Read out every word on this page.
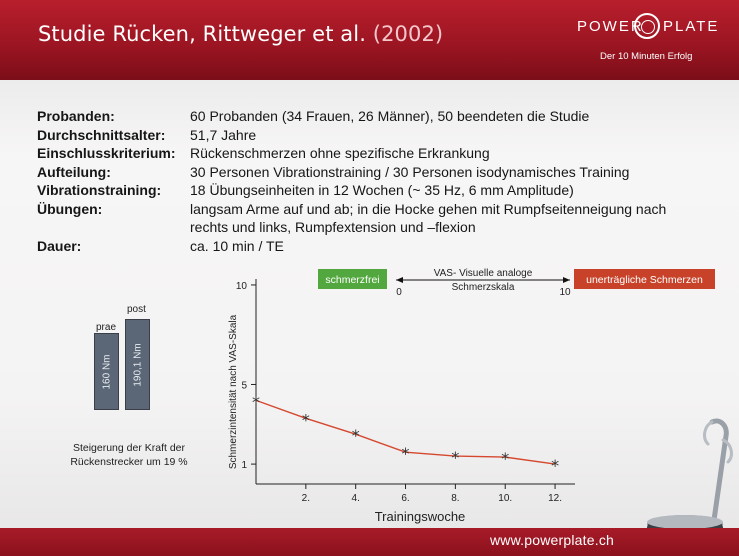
Studie Rücken, Rittweger et al. (2002)	POWER PLATE
Der 10 Minuten Erfolg
Probanden:	60 Probanden (34 Frauen, 26 Männer), 50 beendeten die Studie
Durchschnittsalter:	51,7 Jahre
Einschlusskriterium:	Rückenschmerzen ohne spezifische Erkrankung
Aufteilung:	30 Personen Vibrationstraining / 30 Personen isodynamisches Training
Vibrationstraining:	18 Übungseinheiten in 12 Wochen (~ 35 Hz, 6 mm Amplitude)
Übungen:	langsam Arme auf und ab; in die Hocke gehen mit Rumpfseitenneigung nach rechts und links, Rumpfextension und –flexion
Dauer:	ca. 10 min / TE
prae
post
160 Nm 190,1 Nm
Steigerung der Kraft der Rückenstrecker um 19 %
schmerzfrei	unerträgliche Schmerzen
VAS- Visuelle analoge
Schmerzskala
0	10
Schmerzintensität nach VAS-Skala
Trainingswoche
2.	4.	6.	8.	10.	12.
1
5
10
*
*
*
*	*	*	*
www.powerplate.ch
